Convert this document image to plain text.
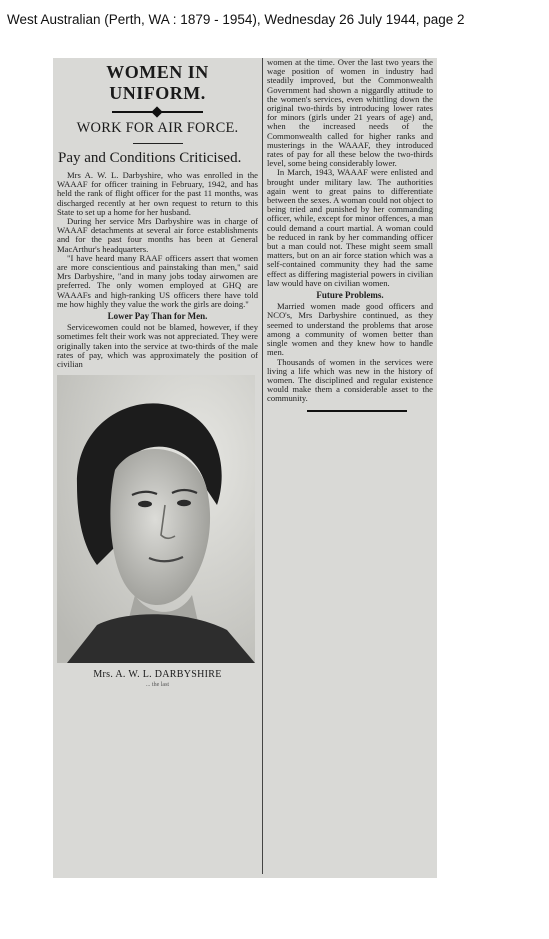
West Australian (Perth, WA : 1879 - 1954), Wednesday 26 July 1944, page 2
WOMEN IN UNIFORM.
WORK FOR AIR FORCE.
Pay and Conditions Criticised.

Mrs A. W. L. Darbyshire, who was enrolled in the WAAAF for officer training in February, 1942, and has held the rank of flight officer for the past 11 months, was discharged recently at her own request to return to this State to set up a home for her husband.

During her service Mrs Darbyshire was in charge of WAAAF detachments at several air force establishments and for the past four months has been at General MacArthur's headquarters.

"I have heard many RAAF officers assert that women are more conscientious and painstaking than men," said Mrs Darbyshire, "and in many jobs today airwomen are preferred. The only women employed at GHQ are WAAAFs and high-ranking US officers there have told me how highly they value the work the girls are doing."

Lower Pay Than for Men.

Servicewomen could not be blamed, however, if they sometimes felt their work was not appreciated. They were originally taken into the service at two-thirds of the male rates of pay, which was approximately the position of civilian

Mrs. A. W. L. DARBYSHIRE
... the last

women at the time. Over the last two years the wage position of women in industry had steadily improved, but the Commonwealth Government had shown a niggardly attitude to the women's services, even whittling down the original two-thirds by introducing lower rates for minors (girls under 21 years of age) and, when the increased needs of the Commonwealth called for higher ranks and musterings in the WAAAF, they introduced rates of pay for all these below the two-thirds level, some being considerably lower.

In March, 1943, WAAAF were enlisted and brought under military law. The authorities again went to great pains to differentiate between the sexes. A woman could not object to being tried and punished by her commanding officer, while, except for minor offences, a man could demand a court martial. A woman could be reduced in rank by her commanding officer but a man could not. These might seem small matters, but on an air force station which was a self-contained community they had the same effect as differing magisterial powers in civilian law would have on civilian women.

Future Problems.

Married women made good officers and NCO's, Mrs Darbyshire continued, as they seemed to understand the problems that arose among a community of women better than single women and they knew how to handle men.

Thousands of women in the services were living a life which was new in the history of women. The disciplined and regular existence would make them a considerable asset to the community.
